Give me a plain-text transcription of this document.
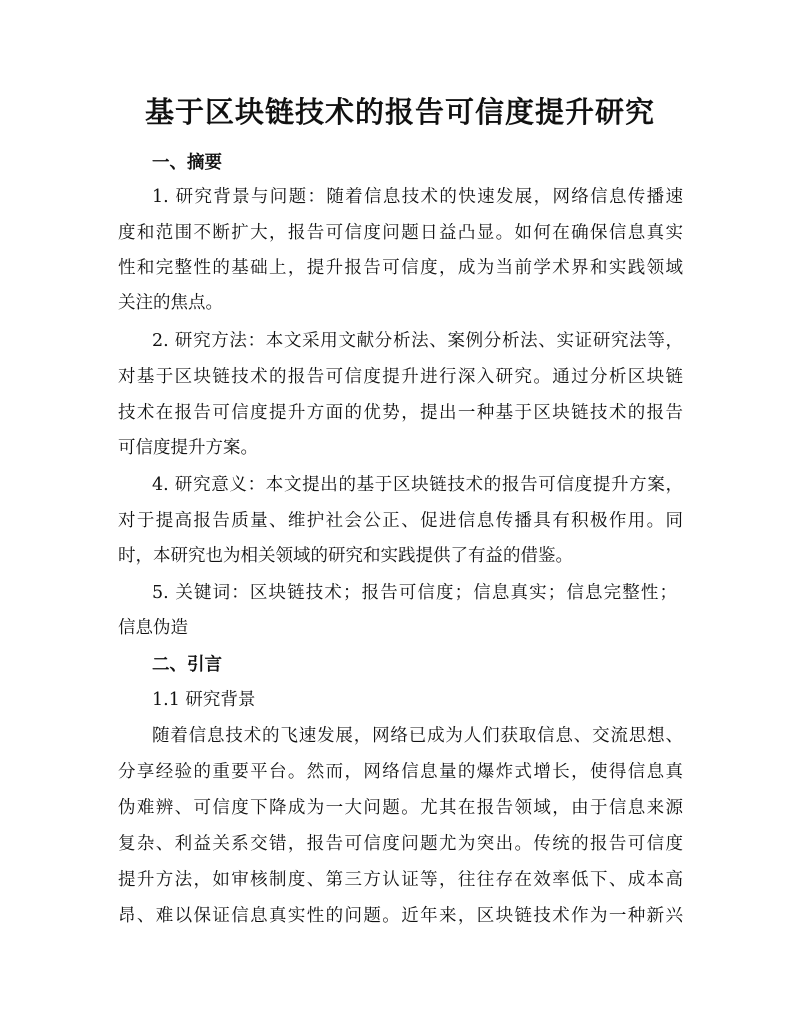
基于区块链技术的报告可信度提升研究
一、摘要
1. 研究背景与问题：随着信息技术的快速发展，网络信息传播速
度和范围不断扩大，报告可信度问题日益凸显。如何在确保信息真实
性和完整性的基础上，提升报告可信度，成为当前学术界和实践领域
关注的焦点。
2. 研究方法：本文采用文献分析法、案例分析法、实证研究法等，
对基于区块链技术的报告可信度提升进行深入研究。通过分析区块链
技术在报告可信度提升方面的优势，提出一种基于区块链技术的报告
可信度提升方案。
4. 研究意义：本文提出的基于区块链技术的报告可信度提升方案，
对于提高报告质量、维护社会公正、促进信息传播具有积极作用。同
时，本研究也为相关领域的研究和实践提供了有益的借鉴。
5. 关键词：区块链技术；报告可信度；信息真实；信息完整性；
信息伪造
二、引言
1.1 研究背景
随着信息技术的飞速发展，网络已成为人们获取信息、交流思想、
分享经验的重要平台。然而，网络信息量的爆炸式增长，使得信息真
伪难辨、可信度下降成为一大问题。尤其在报告领域，由于信息来源
复杂、利益关系交错，报告可信度问题尤为突出。传统的报告可信度
提升方法，如审核制度、第三方认证等，往往存在效率低下、成本高
昂、难以保证信息真实性的问题。近年来，区块链技术作为一种新兴
